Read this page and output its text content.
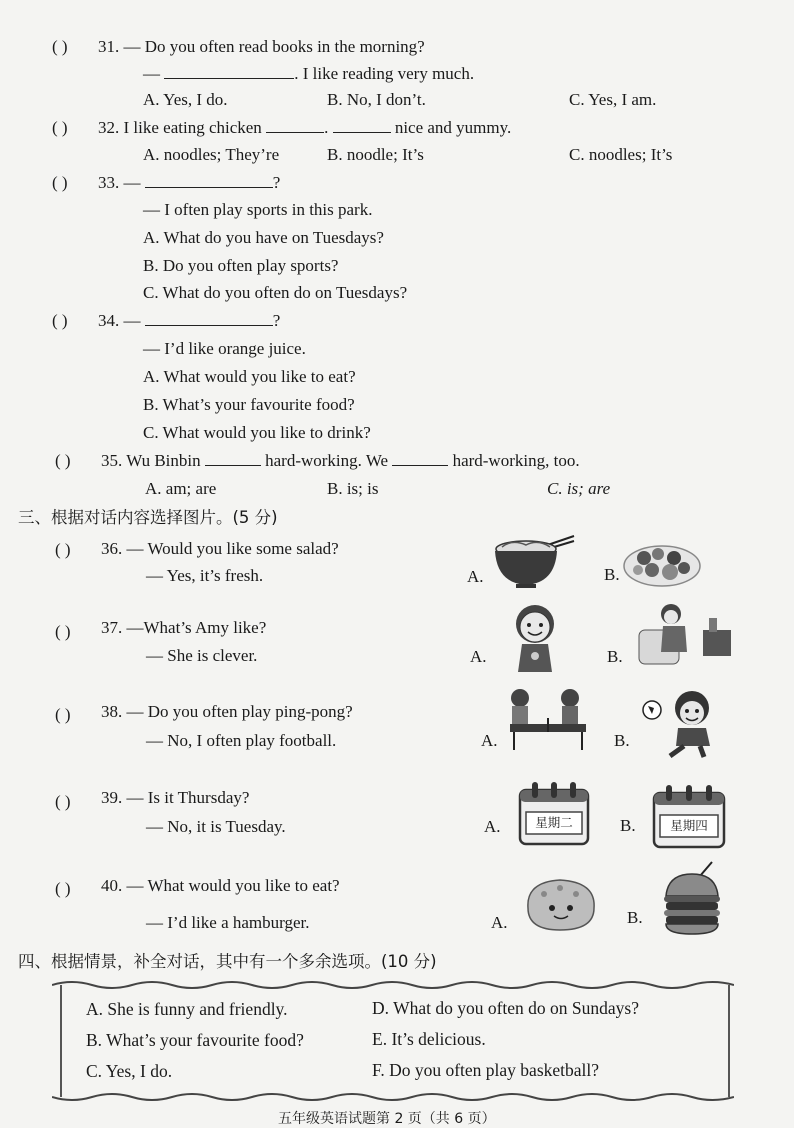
( ) 31. — Do you often read books in the morning?
—	. I like reading very much.
A. Yes, I do.	B. No, I don’t.	C. Yes, I am.
( ) 32. I like eating chicken	.	nice and yummy.
A. noodles; They’re	B. noodle; It’s	C. noodles; It’s
( ) 33. —	?
— I often play sports in this park.
A. What do you have on Tuesdays?
B. Do you often play sports?
C. What do you often do on Tuesdays?
( ) 34. —	?
— I’d like orange juice.
A. What would you like to eat?
B. What’s your favourite food?
C. What would you like to drink?
( ) 35. Wu Binbin	hard-working. We	hard-working, too.
A. am; are	B. is; is	C. is; are
三、根据对话内容选择图片。(5 分)
( ) 36. — Would you like some salad?
— Yes, it’s fresh.	A.	B.
( ) 37. —What’s Amy like?
— She is clever.	A.	B.
( ) 38. — Do you often play ping-pong?
— No, I often play football.	A.	B.
( ) 39. — Is it Thursday?
— No, it is Tuesday.	A.	星期二	B.	星期四
( ) 40. — What would you like to eat?
— I’d like a hamburger.	A.	B.
四、根据情景，补全对话，其中有一个多余选项。(10 分)
A. She is funny and friendly.
B. What’s your favourite food?
C. Yes, I do.
D. What do you often do on Sundays?
E. It’s delicious.
F. Do you often play basketball?
五年级英语试题第 2 页（共 6 页）
